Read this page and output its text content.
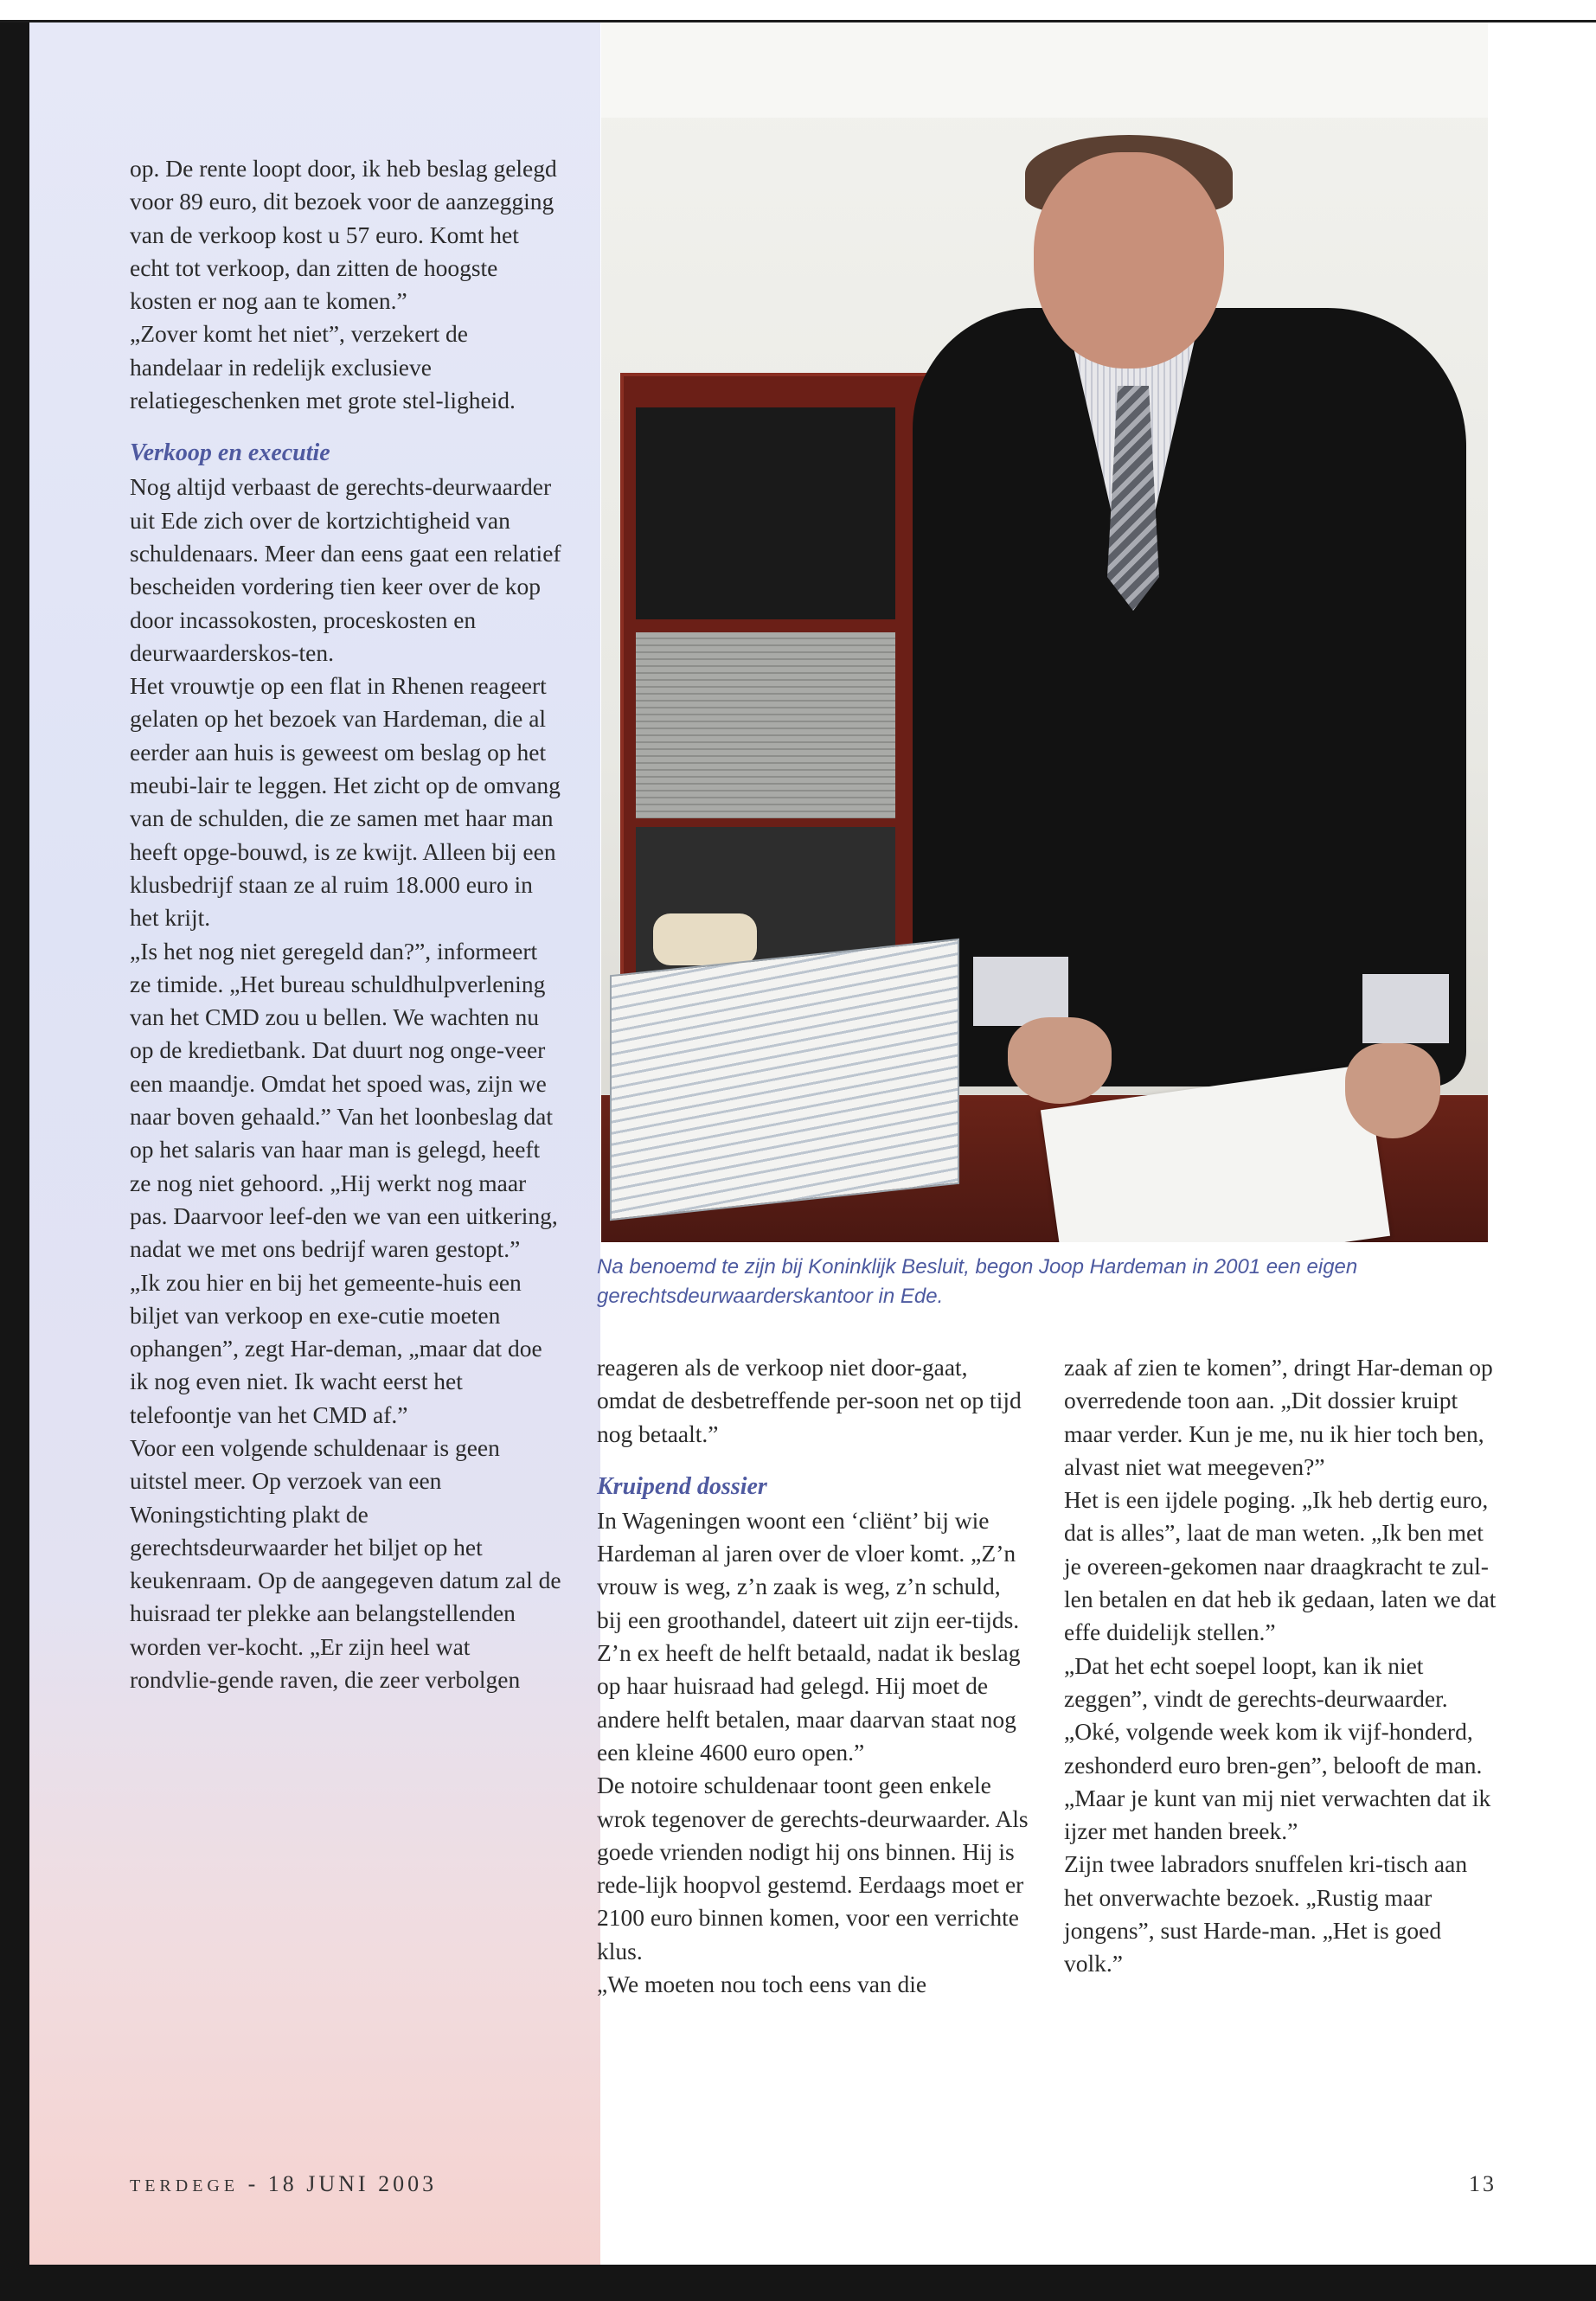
Na benoemd te zijn bij Koninklijk Besluit, begon Joop Hardeman in 2001 een eigen gerechtsdeurwaarderskantoor in Ede.

op. De rente loopt door, ik heb beslag gelegd voor 89 euro, dit bezoek voor de aanzegging van de verkoop kost u 57 euro. Komt het echt tot verkoop, dan zitten de hoogste kosten er nog aan te komen.”

„Zover komt het niet”, verzekert de handelaar in redelijk exclusieve relatiegeschenken met grote stel-ligheid.

Verkoop en executie

Nog altijd verbaast de gerechts-deurwaarder uit Ede zich over de kortzichtigheid van schuldenaars. Meer dan eens gaat een relatief bescheiden vordering tien keer over de kop door incassokosten, proceskosten en deurwaarderskos-ten.

Het vrouwtje op een flat in Rhenen reageert gelaten op het bezoek van Hardeman, die al eerder aan huis is geweest om beslag op het meubi-lair te leggen. Het zicht op de omvang van de schulden, die ze samen met haar man heeft opge-bouwd, is ze kwijt. Alleen bij een klusbedrijf staan ze al ruim 18.000 euro in het krijt.

„Is het nog niet geregeld dan?”, informeert ze timide. „Het bureau schuldhulpverlening van het CMD zou u bellen. We wachten nu op de kredietbank. Dat duurt nog onge-veer een maandje. Omdat het spoed was, zijn we naar boven gehaald.” Van het loonbeslag dat op het salaris van haar man is gelegd, heeft ze nog niet gehoord. „Hij werkt nog maar pas. Daarvoor leef-den we van een uitkering, nadat we met ons bedrijf waren gestopt.”

„Ik zou hier en bij het gemeente-huis een biljet van verkoop en exe-cutie moeten ophangen”, zegt Har-deman, „maar dat doe ik nog even niet. Ik wacht eerst het telefoontje van het CMD af.”

Voor een volgende schuldenaar is geen uitstel meer. Op verzoek van een Woningstichting plakt de gerechtsdeurwaarder het biljet op het keukenraam. Op de aangegeven datum zal de huisraad ter plekke aan belangstellenden worden ver-kocht. „Er zijn heel wat rondvlie-gende raven, die zeer verbolgen

reageren als de verkoop niet door-gaat, omdat de desbetreffende per-soon net op tijd nog betaalt.”

Kruipend dossier

In Wageningen woont een ‘cliënt’ bij wie Hardeman al jaren over de vloer komt. „Z’n vrouw is weg, z’n zaak is weg, z’n schuld, bij een groothandel, dateert uit zijn eer-tijds. Z’n ex heeft de helft betaald, nadat ik beslag op haar huisraad had gelegd. Hij moet de andere helft betalen, maar daarvan staat nog een kleine 4600 euro open.”

De notoire schuldenaar toont geen enkele wrok tegenover de gerechts-deurwaarder. Als goede vrienden nodigt hij ons binnen. Hij is rede-lijk hoopvol gestemd. Eerdaags moet er 2100 euro binnen komen, voor een verrichte klus.

„We moeten nou toch eens van die

zaak af zien te komen”, dringt Har-deman op overredende toon aan. „Dit dossier kruipt maar verder. Kun je me, nu ik hier toch ben, alvast niet wat meegeven?”

Het is een ijdele poging. „Ik heb dertig euro, dat is alles”, laat de man weten. „Ik ben met je overeen-gekomen naar draagkracht te zul-len betalen en dat heb ik gedaan, laten we dat effe duidelijk stellen.”

„Dat het echt soepel loopt, kan ik niet zeggen”, vindt de gerechts-deurwaarder.

„Oké, volgende week kom ik vijf-honderd, zeshonderd euro bren-gen”, belooft de man. „Maar je kunt van mij niet verwachten dat ik ijzer met handen breek.”

Zijn twee labradors snuffelen kri-tisch aan het onverwachte bezoek. „Rustig maar jongens”, sust Harde-man. „Het is goed volk.”

TERDEGE - 18 JUNI 2003	13
